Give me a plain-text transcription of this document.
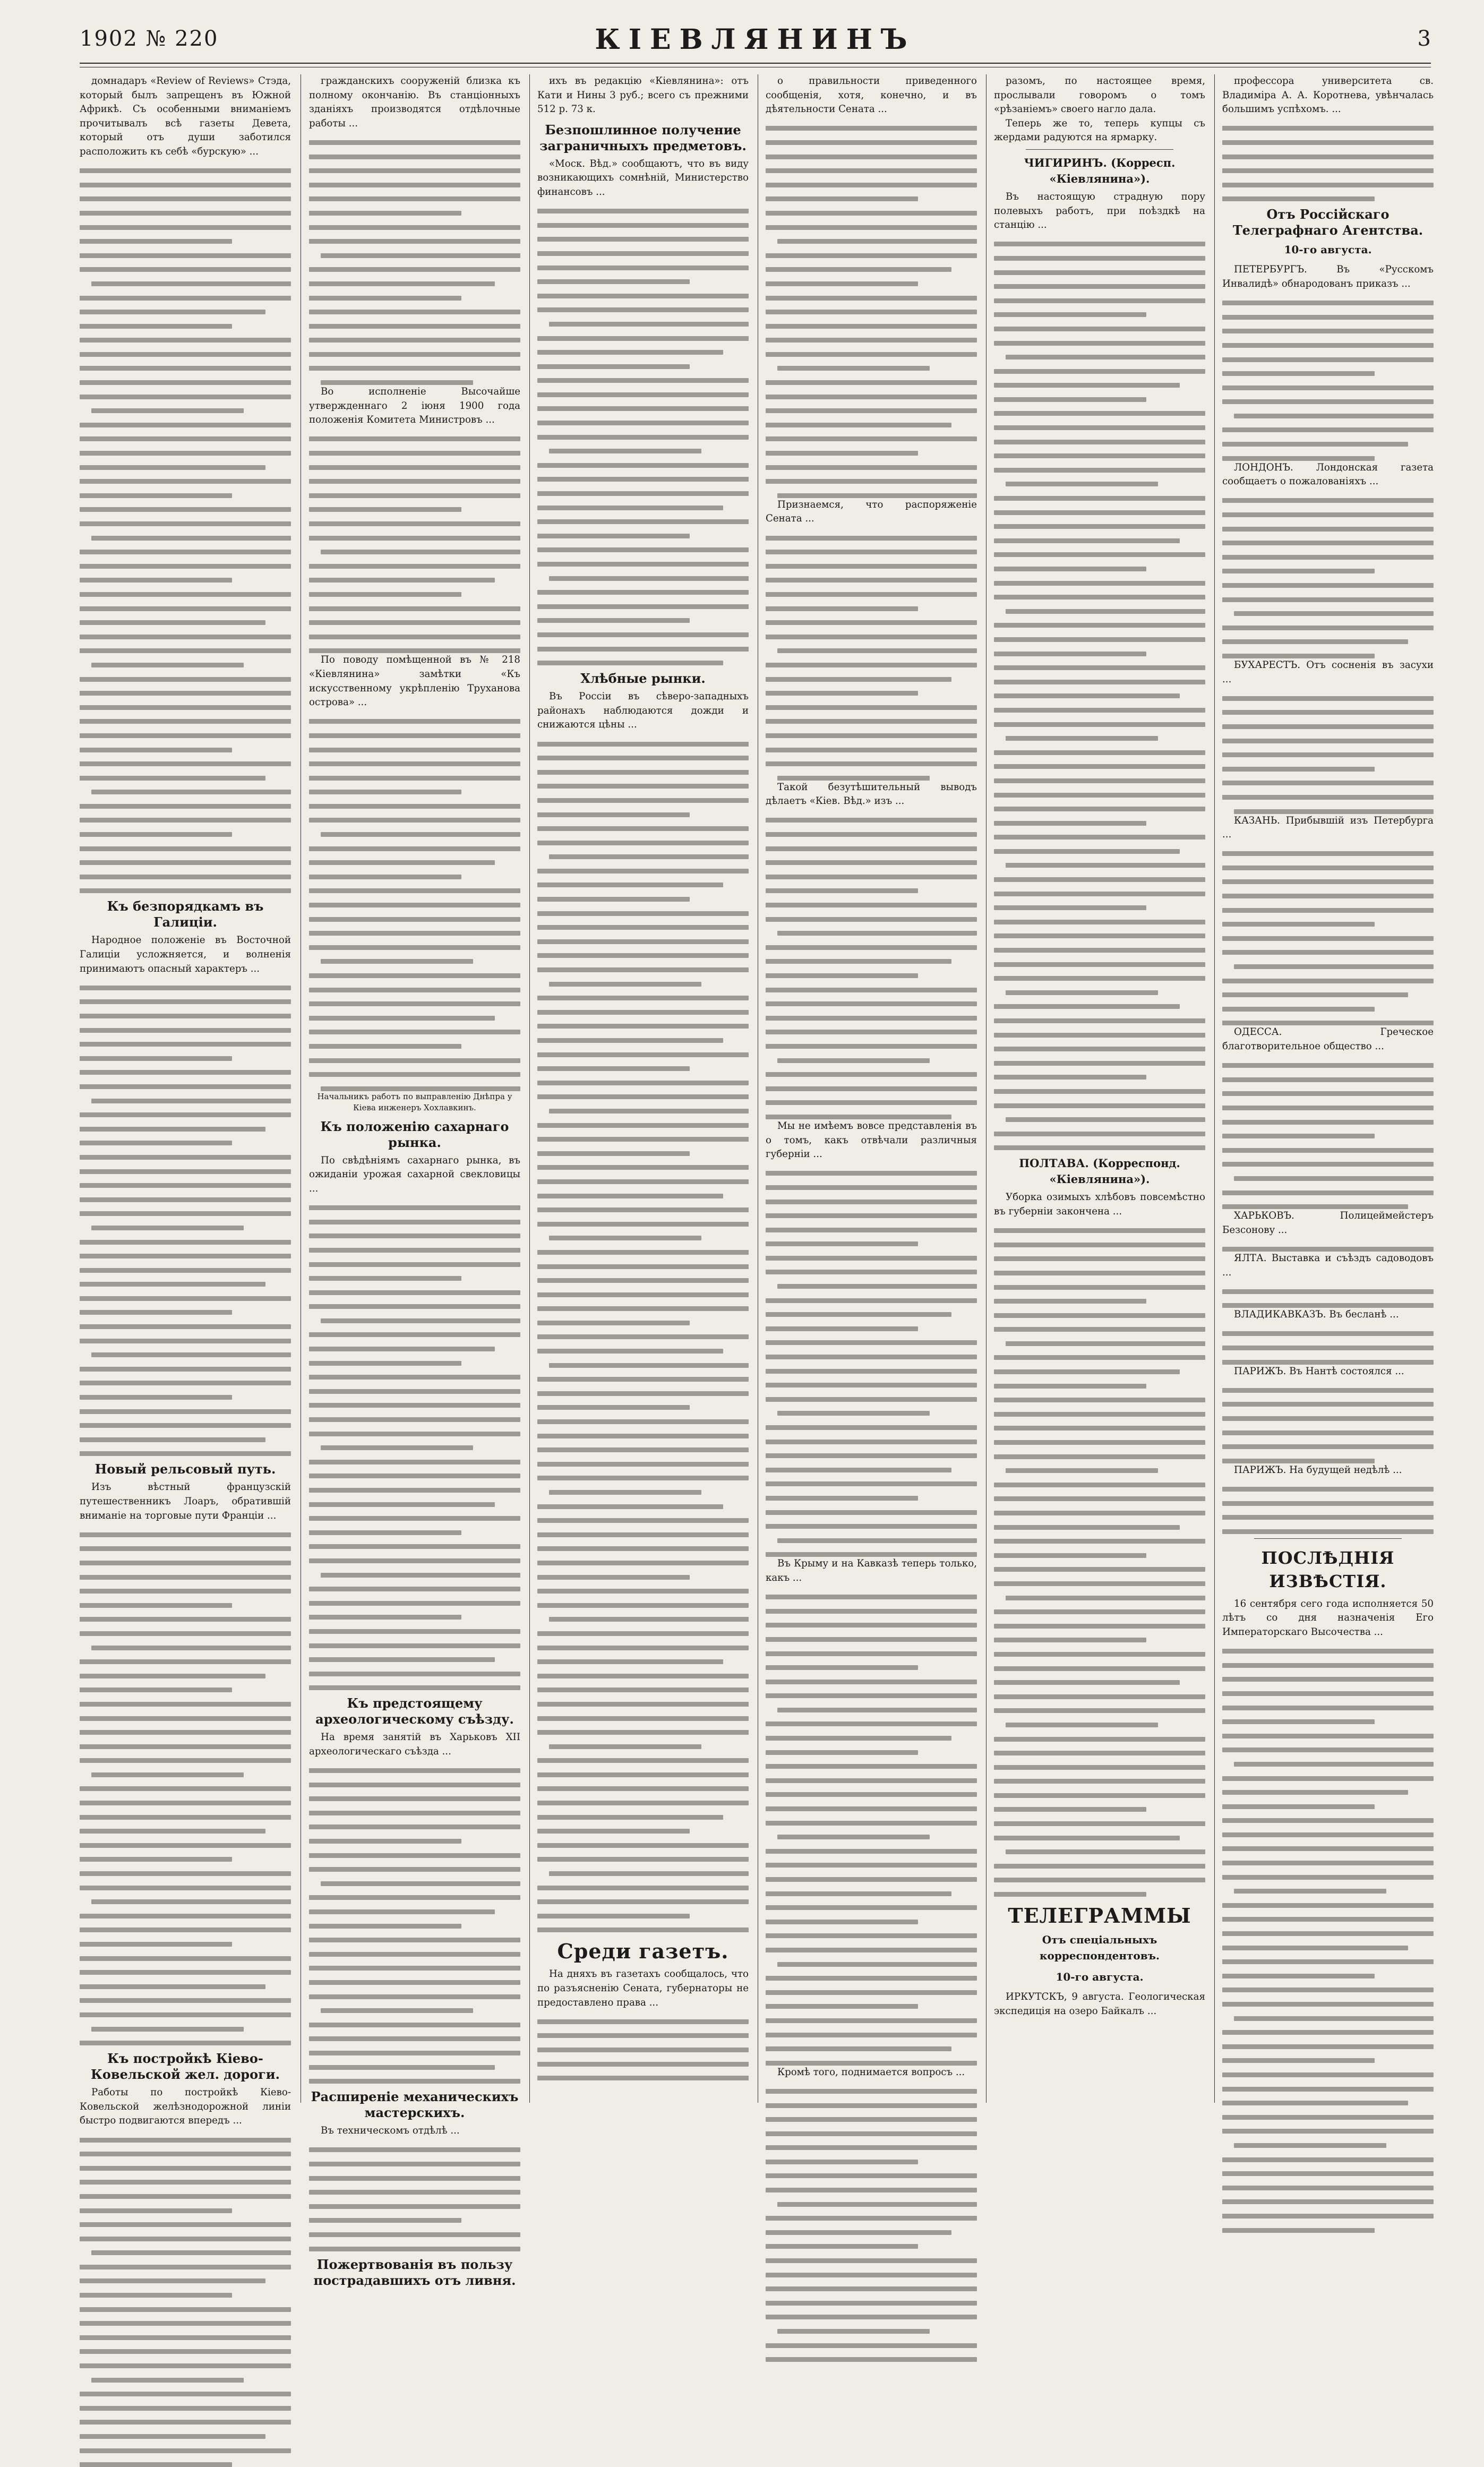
1902 № 220	КІЕВЛЯНИНЪ	3

домнадаръ «Review of Reviews» Стэда, который былъ запрещенъ въ Южной Африкѣ. Съ особенными вниманіемъ прочитывалъ всѣ газеты Девета, который отъ души заботился расположить къ себѣ «бурскую» ...

Къ безпорядкамъ въ Галиціи.

Народное положеніе въ Восточной Галиціи усложняется, и волненія принимаютъ опасный характеръ ...

Новый рельсовый путь.

Изъ вѣстный французскій путешественникъ Лоаръ, обратившій вниманіе на торговые пути Франціи ...

Къ постройкѣ Кіево-Ковельской жел. дороги.

Работы по постройкѣ Кіево-Ковельской желѣзнодорожной линіи быстро подвигаются впередъ ...

гражданскихъ сооруженій близка къ полному окончанію. Въ станціонныхъ зданіяхъ производятся отдѣлочные работы ...

Во исполненіе Высочайше утвержденнаго 2 іюня 1900 года положенія Комитета Министровъ ...

По поводу помѣщенной въ № 218 «Кіевлянина» замѣтки «Къ искусственному укрѣпленію Труханова острова» ...

Начальникъ работъ по выправленію Днѣпра у Кіева инженеръ Хохлавкинъ.

Къ положенію сахарнаго рынка.

По свѣдѣніямъ сахарнаго рынка, въ ожиданіи урожая сахарной свекловицы ...

Къ предстоящему археологическому съѣзду.

На время занятій въ Харьковъ XII археологическаго съѣзда ...

Расширеніе механическихъ мастерскихъ.

Въ техническомъ отдѣлѣ ...

Пожертвованія въ пользу пострадавшихъ отъ ливня.

ихъ въ редакцію «Кіевлянина»: отъ Кати и Нины 3 руб.; всего съ прежними 512 р. 73 к.

Безпошлинное получение заграничныхъ предметовъ.

«Моск. Вѣд.» сообщаютъ, что въ виду возникающихъ сомнѣній, Министерство финансовъ ...

Хлѣбные рынки.

Въ Россіи въ сѣверо-западныхъ районахъ наблюдаются дожди и снижаются цѣны ...

Среди газетъ.

На дняхъ въ газетахъ сообщалось, что по разъясненію Сената, губернаторы не предоставлено права ...

о правильности приведенного сообщенія, хотя, конечно, и въ дѣятельности Сената ...

Признаемся, что распоряженіе Сената ...

Такой безутѣшительный выводъ дѣлаетъ «Кіев. Вѣд.» изъ ...

Мы не имѣемъ вовсе представленія въ о томъ, какъ отвѣчали различныя губерніи ...

Въ Крыму и на Кавказѣ теперь только, какъ ...

Кромѣ того, поднимается вопросъ ...

разомъ, по настоящее время, прослывали говоромъ о томъ «рѣзаніемъ» своего нагло дала.

Теперь же то, теперь купцы съ жердами радуются на ярмарку.

ЧИГИРИНЪ. (Корресп. «Кіевлянина»).

Въ настоящую страдную пору полевыхъ работъ, при поѣздкѣ на станцію ...

ПОЛТАВА. (Корреспонд. «Кіевлянина»).

Уборка озимыхъ хлѣбовъ повсемѣстно въ губерніи закончена ...

ТЕЛЕГРАММЫ
Отъ спеціальныхъ корреспондентовъ.
10-го августа.

ИРКУТСКЪ, 9 августа. Геологическая экспедиція на озеро Байкалъ ...

профессора университета св. Владиміра А. А. Коротнева, увѣнчалась большимъ успѣхомъ. ...

Отъ Россійскаго Телеграфнаго Агентства.
10-го августа.

ПЕТЕРБУРГЪ. Въ «Русскомъ Инвалидѣ» обнародованъ приказъ ...

ЛОНДОНЪ. Лондонская газета сообщаетъ о пожалованіяхъ ...

БУХАРЕСТЪ. Отъ сосненія въ засухи ...

КАЗАНЬ. Прибывшій изъ Петербурга ...

ОДЕССА. Греческое благотворительное общество ...

ХАРЬКОВЪ. Полицеймейстеръ Безсонову ...

ЯЛТА. Выставка и съѣздъ садоводовъ ...

ВЛАДИКАВКАЗЪ. Въ бесланѣ ...

ПАРИЖЪ. Въ Нантѣ состоялся ...

ПАРИЖЪ. На будущей недѣлѣ ...

ПОСЛѢДНІЯ ИЗВѢСТІЯ.

16 сентября сего года исполняется 50 лѣтъ со дня назначенія Его Императорскаго Высочества ...
